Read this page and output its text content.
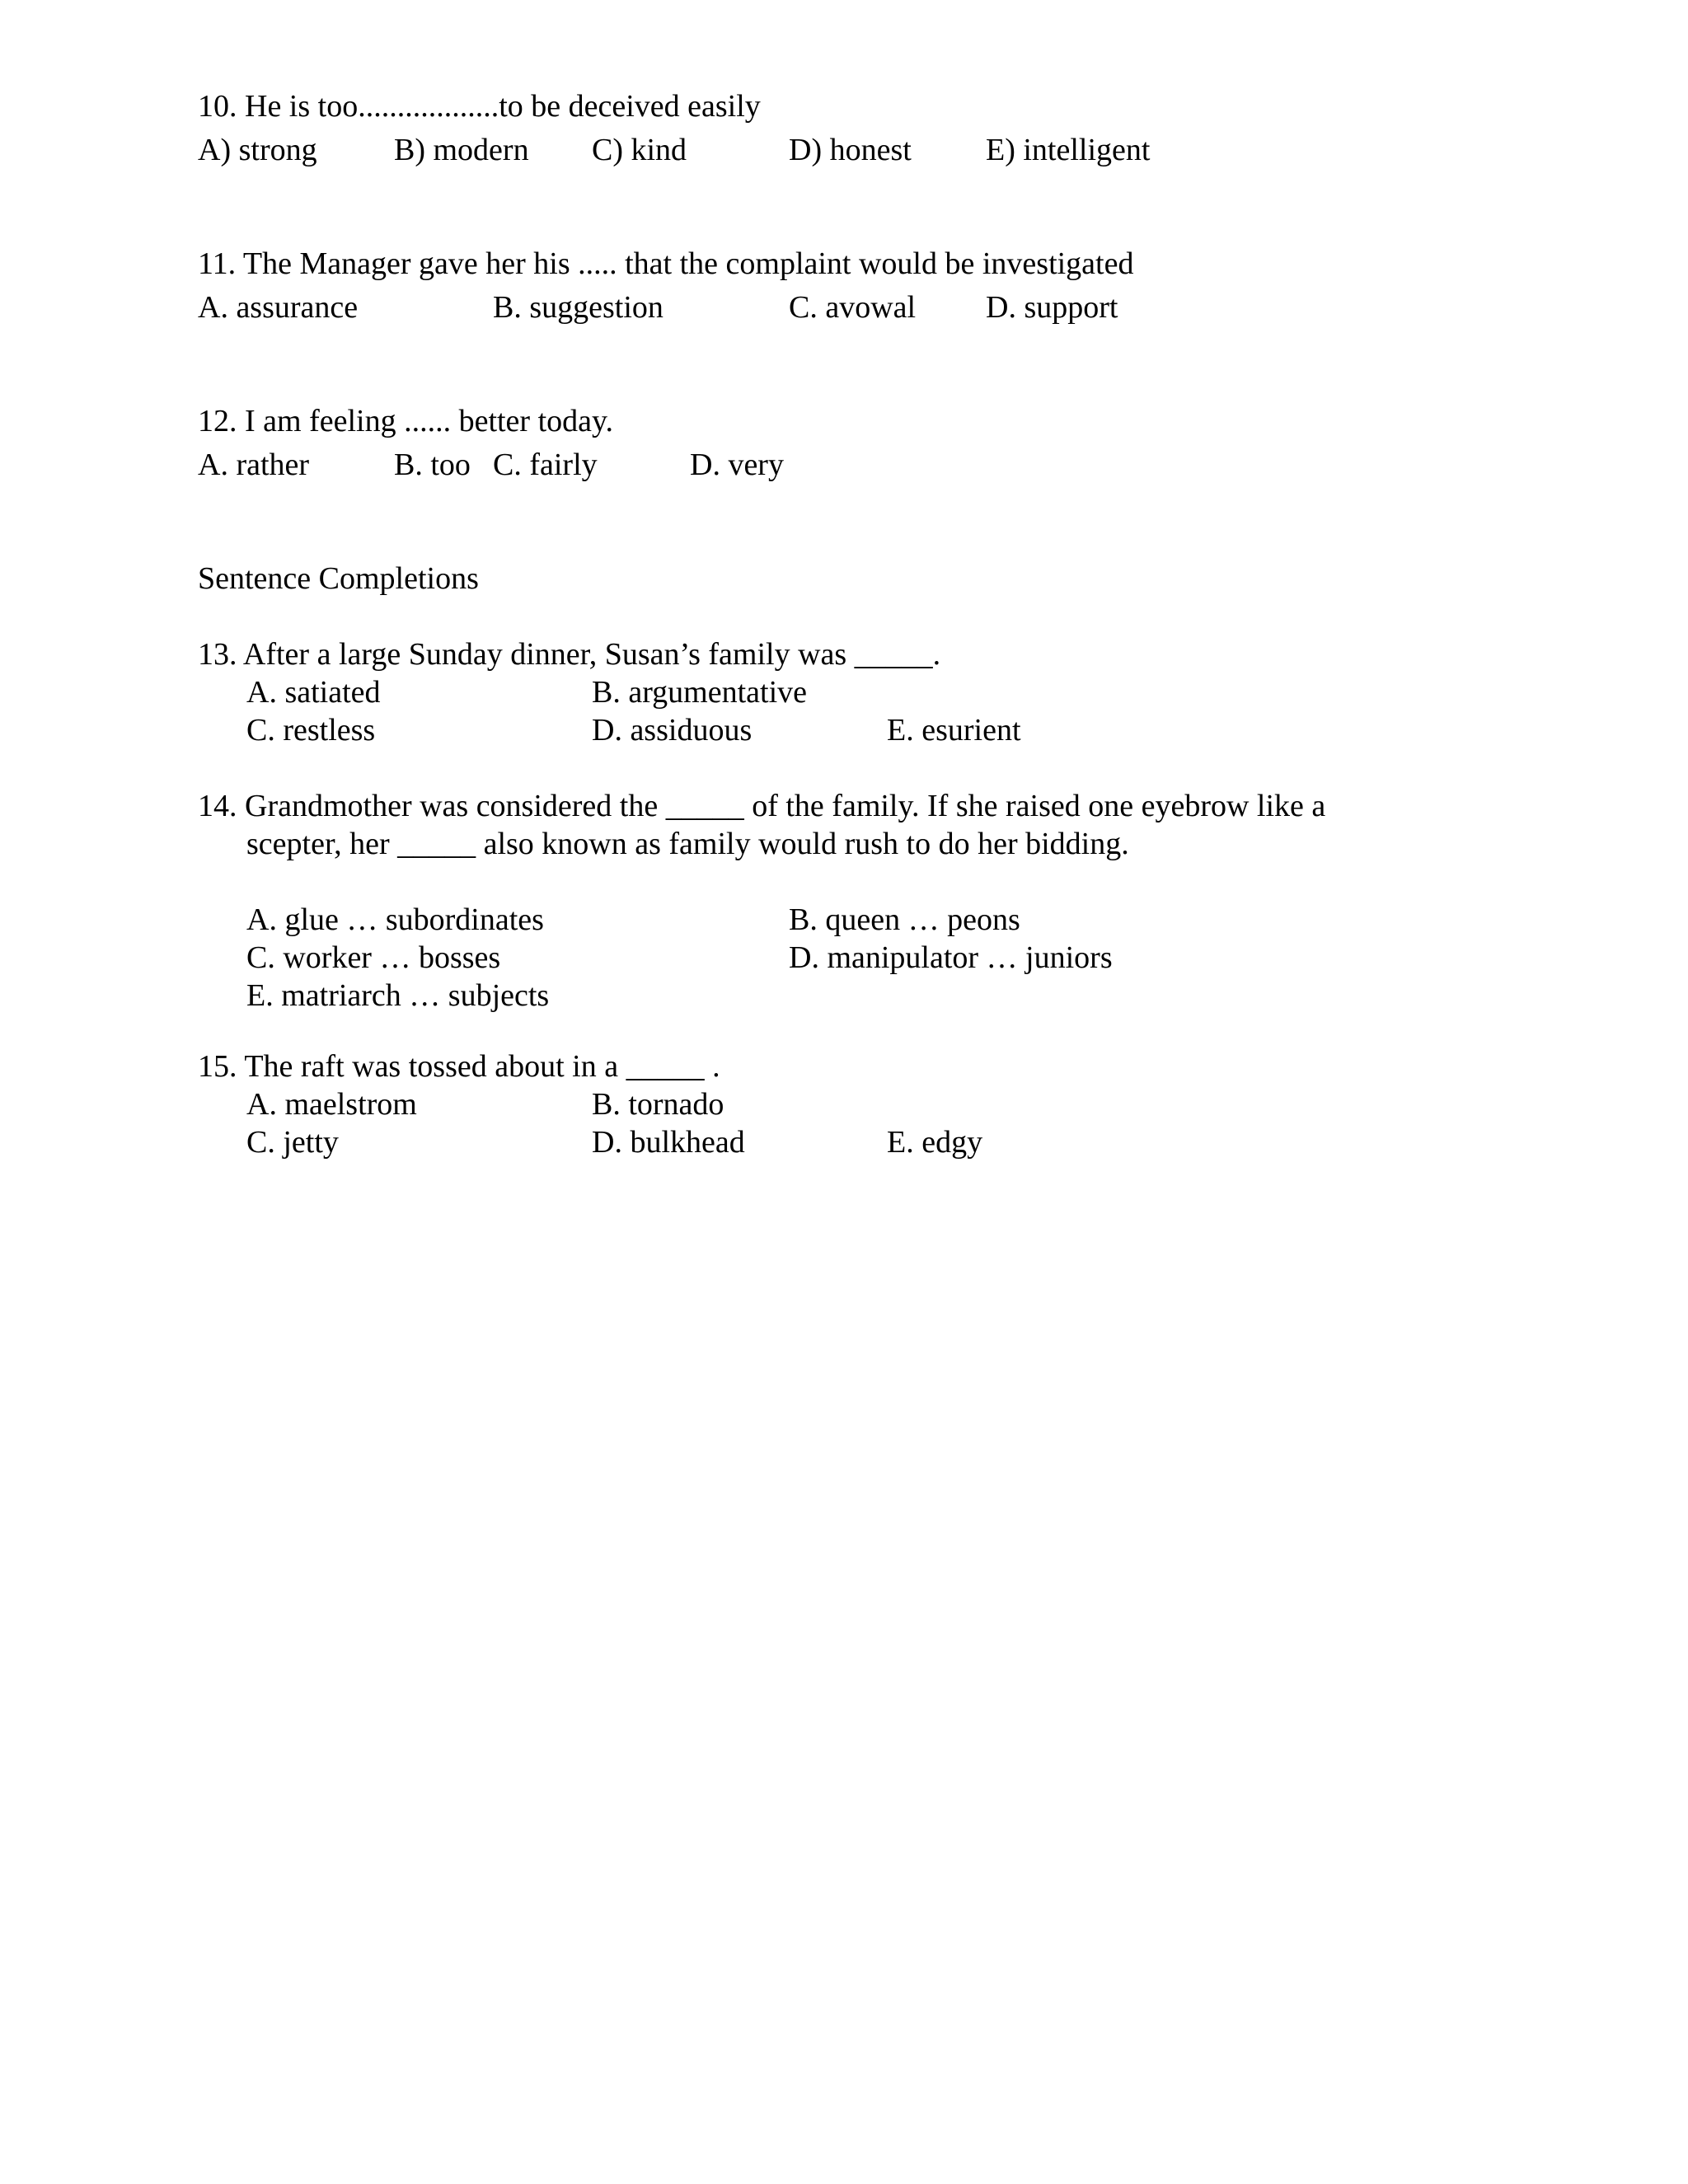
10. He is too..................to be deceived easily
A) strong B) modern C) kind	D) honest E) intelligent
11. The Manager gave her his ..... that the complaint would be investigated
A. assurance	B. suggestion	C. avowal D. support
12. I am feeling ...... better today.
A. rather	B. too C. fairly	D. very
Sentence Completions
13. After a large Sunday dinner, Susan’s family was _____.
A. satiated	B. argumentative
C. restless	D. assiduous	E. esurient
14. Grandmother was considered the _____ of the family. If she raised one eyebrow like a
scepter, her _____ also known as family would rush to do her bidding.
A. glue … subordinates	B. queen … peons
C. worker … bosses	D. manipulator … juniors
E. matriarch … subjects
15. The raft was tossed about in a _____ .
A. maelstrom	B. tornado
C. jetty	D. bulkhead	E. edgy
